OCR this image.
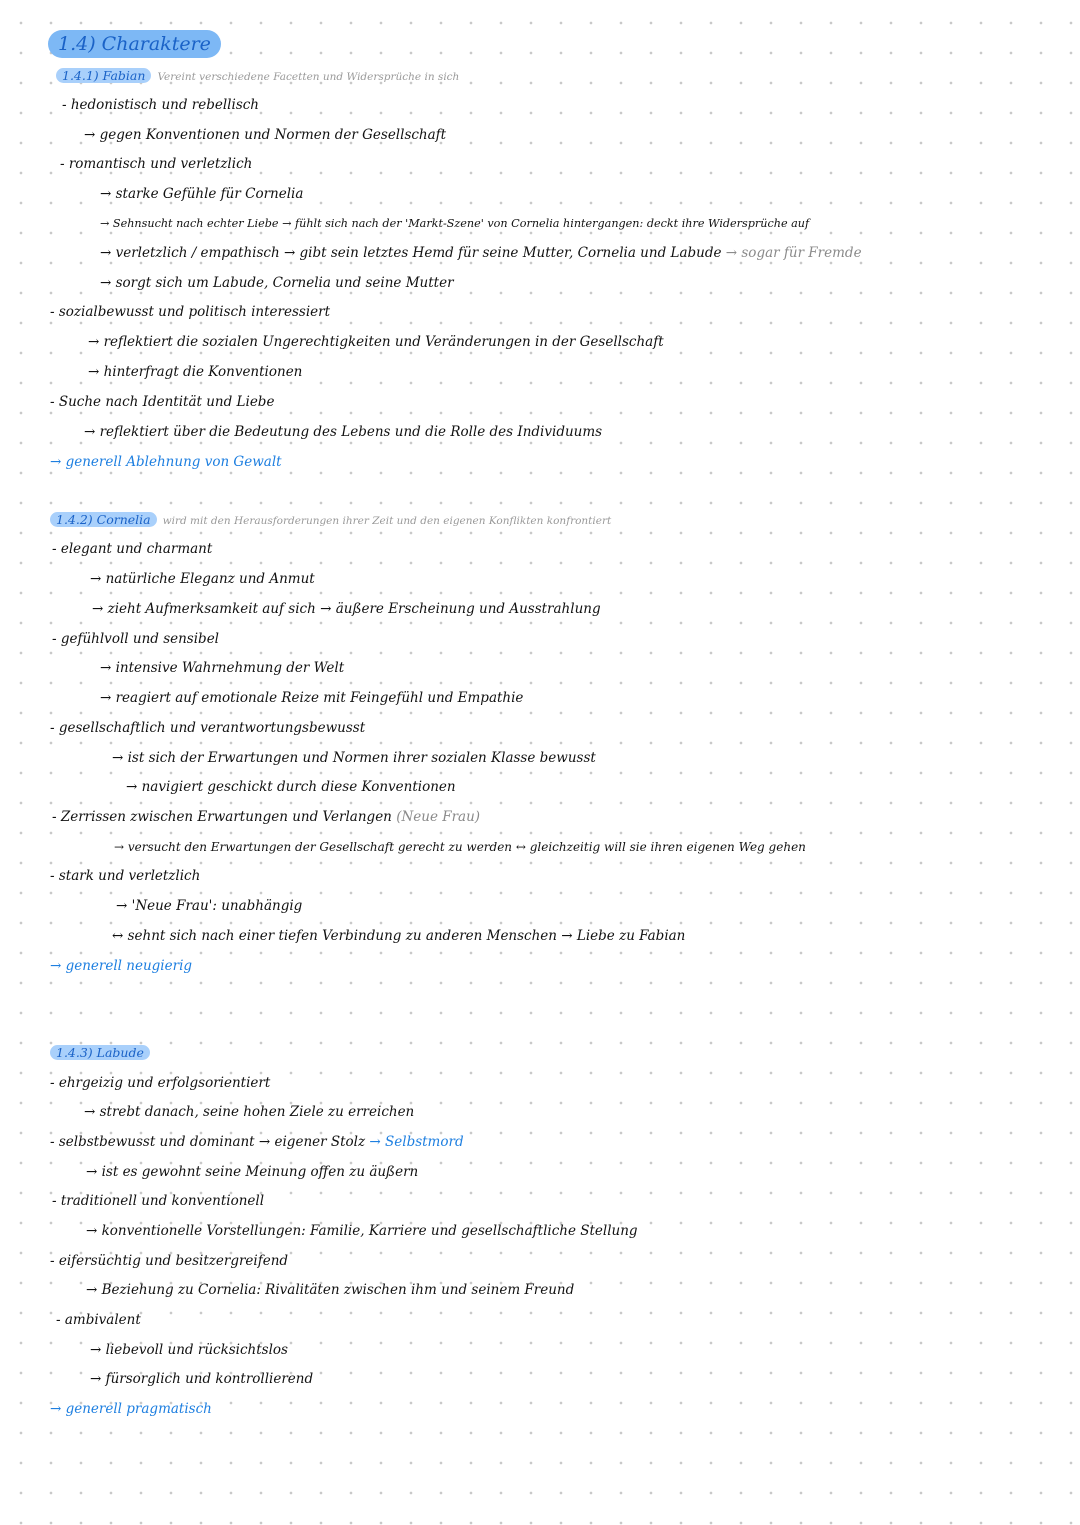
1.4) Charaktere
1.4.1) Fabian Vereint verschiedene Facetten und Widersprüche in sich
- hedonistisch und rebellisch
→ gegen Konventionen und Normen der Gesellschaft
- romantisch und verletzlich
→ starke Gefühle für Cornelia
→ Sehnsucht nach echter Liebe → fühlt sich nach der 'Markt-Szene' von Cornelia hintergangen: deckt ihre Widersprüche auf
→ verletzlich / empathisch → gibt sein letztes Hemd für seine Mutter, Cornelia und Labude → sogar für Fremde
→ sorgt sich um Labude, Cornelia und seine Mutter
- sozialbewusst und politisch interessiert
→ reflektiert die sozialen Ungerechtigkeiten und Veränderungen in der Gesellschaft
→ hinterfragt die Konventionen
- Suche nach Identität und Liebe
→ reflektiert über die Bedeutung des Lebens und die Rolle des Individuums
→ generell Ablehnung von Gewalt
1.4.2) Cornelia wird mit den Herausforderungen ihrer Zeit und den eigenen Konflikten konfrontiert
- elegant und charmant
→ natürliche Eleganz und Anmut
→ zieht Aufmerksamkeit auf sich → äußere Erscheinung und Ausstrahlung
- gefühlvoll und sensibel
→ intensive Wahrnehmung der Welt
→ reagiert auf emotionale Reize mit Feingefühl und Empathie
- gesellschaftlich und verantwortungsbewusst
→ ist sich der Erwartungen und Normen ihrer sozialen Klasse bewusst
→ navigiert geschickt durch diese Konventionen
- Zerrissen zwischen Erwartungen und Verlangen (Neue Frau)
→ versucht den Erwartungen der Gesellschaft gerecht zu werden ↔ gleichzeitig will sie ihren eigenen Weg gehen
- stark und verletzlich
→ 'Neue Frau': unabhängig
↔ sehnt sich nach einer tiefen Verbindung zu anderen Menschen → Liebe zu Fabian
→ generell neugierig
1.4.3) Labude
- ehrgeizig und erfolgsorientiert
→ strebt danach, seine hohen Ziele zu erreichen
- selbstbewusst und dominant → eigener Stolz → Selbstmord
→ ist es gewohnt seine Meinung offen zu äußern
- traditionell und konventionell
→ konventionelle Vorstellungen: Familie, Karriere und gesellschaftliche Stellung
- eifersüchtig und besitzergreifend
→ Beziehung zu Cornelia: Rivalitäten zwischen ihm und seinem Freund
- ambivalent
→ liebevoll und rücksichtslos
→ fürsorglich und kontrollierend
→ generell pragmatisch
